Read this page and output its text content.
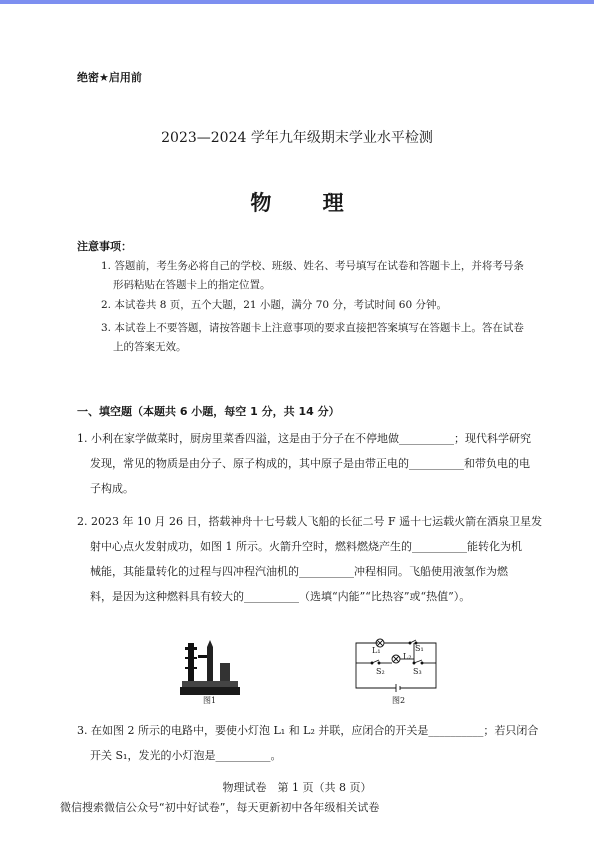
绝密★启用前
2023—2024 学年九年级期末学业水平检测
物 理
注意事项：
1. 答题前，考生务必将自己的学校、班级、姓名、考号填写在试卷和答题卡上，并将考号条
形码粘贴在答题卡上的指定位置。
2. 本试卷共 8 页，五个大题，21 小题，满分 70 分，考试时间 60 分钟。
3. 本试卷上不要答题，请按答题卡上注意事项的要求直接把答案填写在答题卡上。答在试卷
上的答案无效。
一、填空题（本题共 6 小题，每空 1 分，共 14 分）
1. 小利在家学做菜时，厨房里菜香四溢，这是由于分子在不停地做__________；现代科学研究
发现，常见的物质是由分子、原子构成的，其中原子是由带正电的__________和带负电的电
子构成。
2. 2023 年 10 月 26 日，搭载神舟十七号载人飞船的长征二号 F 遥十七运载火箭在酒泉卫星发
射中心点火发射成功，如图 1 所示。火箭升空时，燃料燃烧产生的__________能转化为机
械能，其能量转化的过程与四冲程汽油机的__________冲程相同。飞船使用液氢作为燃
料，是因为这种燃料具有较大的__________（选填“内能”“比热容”或“热值”）。
图1
L₁
L₂
S₁
S₂	S₃
图2
3. 在如图 2 所示的电路中，要使小灯泡 L₁ 和 L₂ 并联，应闭合的开关是__________；若只闭合
开关 S₁，发光的小灯泡是__________。
物理试卷　第 1 页（共 8 页）
微信搜索微信公众号“初中好试卷”，每天更新初中各年级相关试卷
